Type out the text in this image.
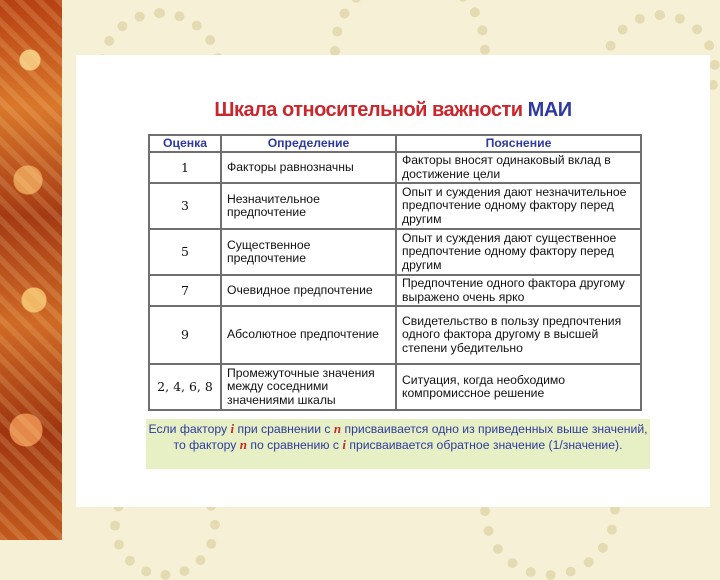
Шкала относительной важности МАИ
Оценка	Определение	Пояснение
1	Факторы равнозначны	Факторы вносят одинаковый вклад в достижение цели
3	Незначительное предпочтение	Опыт и суждения дают незначительное предпочтение одному фактору перед другим
5	Существенное предпочтение	Опыт и суждения дают существенное предпочтение одному фактору перед другим
7	Очевидное предпочтение	Предпочтение одного фактора другому выражено очень ярко
9	Абсолютное предпочтение	Свидетельство в пользу предпочтения одного фактора другому в высшей степени убедительно
2, 4, 6, 8	Промежуточные значения между соседними значениями шкалы	Ситуация, когда необходимо компромиссное решение
Если фактору i при сравнении с n присваивается одно из приведенных выше значений, то фактору n по сравнению с i присваивается обратное значение (1/значение).
